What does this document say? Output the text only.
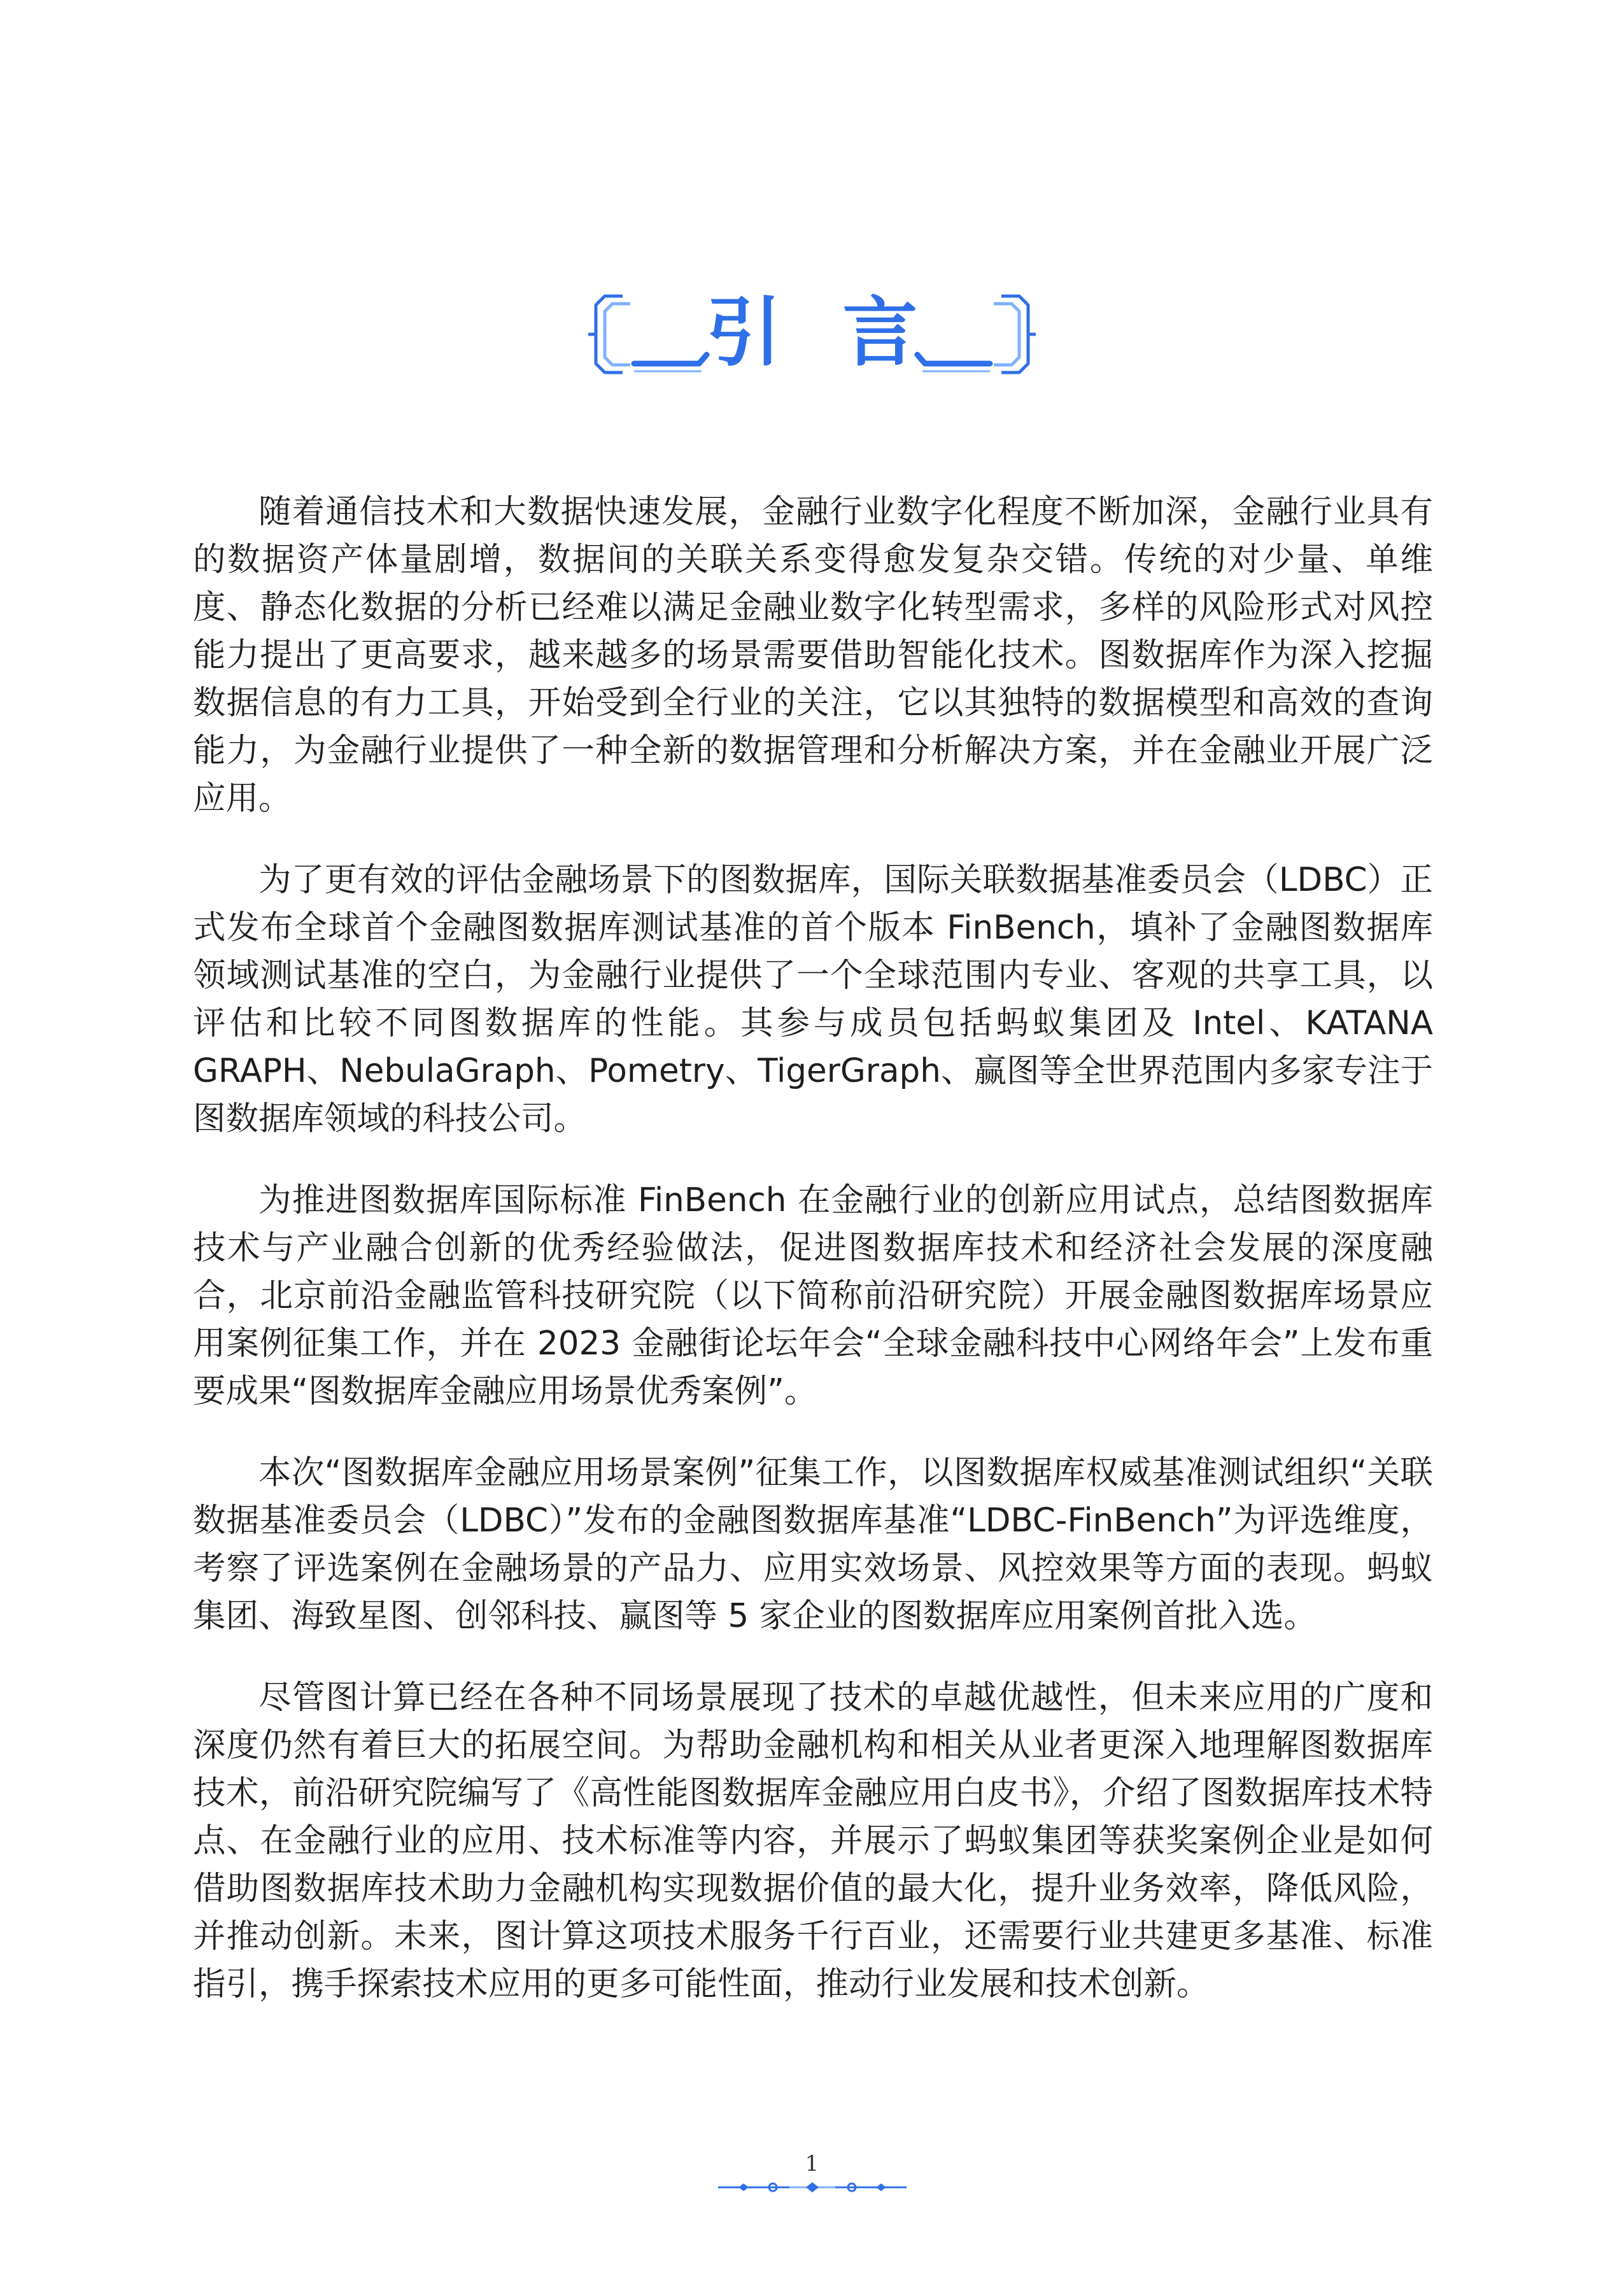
引言

随着通信技术和大数据快速发展，金融行业数字化程度不断加深，金融行业具有的数据资产体量剧增，数据间的关联关系变得愈发复杂交错。传统的对少量、单维度、静态化数据的分析已经难以满足金融业数字化转型需求，多样的风险形式对风控能力提出了更高要求，越来越多的场景需要借助智能化技术。图数据库作为深入挖掘数据信息的有力工具，开始受到全行业的关注，它以其独特的数据模型和高效的查询能力，为金融行业提供了一种全新的数据管理和分析解决方案，并在金融业开展广泛应用。

为了更有效的评估金融场景下的图数据库，国际关联数据基准委员会（LDBC）正式发布全球首个金融图数据库测试基准的首个版本 FinBench，填补了金融图数据库领域测试基准的空白，为金融行业提供了一个全球范围内专业、客观的共享工具，以评估和比较不同图数据库的性能。其参与成员包括蚂蚁集团及 Intel、KATANA GRAPH、NebulaGraph、Pometry、TigerGraph、赢图等全世界范围内多家专注于图数据库领域的科技公司。

为推进图数据库国际标准 FinBench 在金融行业的创新应用试点，总结图数据库技术与产业融合创新的优秀经验做法，促进图数据库技术和经济社会发展的深度融合，北京前沿金融监管科技研究院（以下简称前沿研究院）开展金融图数据库场景应用案例征集工作，并在 2023 金融街论坛年会“全球金融科技中心网络年会”上发布重要成果“图数据库金融应用场景优秀案例”。

本次“图数据库金融应用场景案例”征集工作，以图数据库权威基准测试组织“关联数据基准委员会（LDBC）”发布的金融图数据库基准“LDBC-FinBench”为评选维度，考察了评选案例在金融场景的产品力、应用实效场景、风控效果等方面的表现。蚂蚁集团、海致星图、创邻科技、赢图等 5 家企业的图数据库应用案例首批入选。

尽管图计算已经在各种不同场景展现了技术的卓越优越性，但未来应用的广度和深度仍然有着巨大的拓展空间。为帮助金融机构和相关从业者更深入地理解图数据库技术，前沿研究院编写了《高性能图数据库金融应用白皮书》，介绍了图数据库技术特点、在金融行业的应用、技术标准等内容，并展示了蚂蚁集团等获奖案例企业是如何借助图数据库技术助力金融机构实现数据价值的最大化，提升业务效率，降低风险，并推动创新。未来，图计算这项技术服务千行百业，还需要行业共建更多基准、标准指引，携手探索技术应用的更多可能性面，推动行业发展和技术创新。

1
